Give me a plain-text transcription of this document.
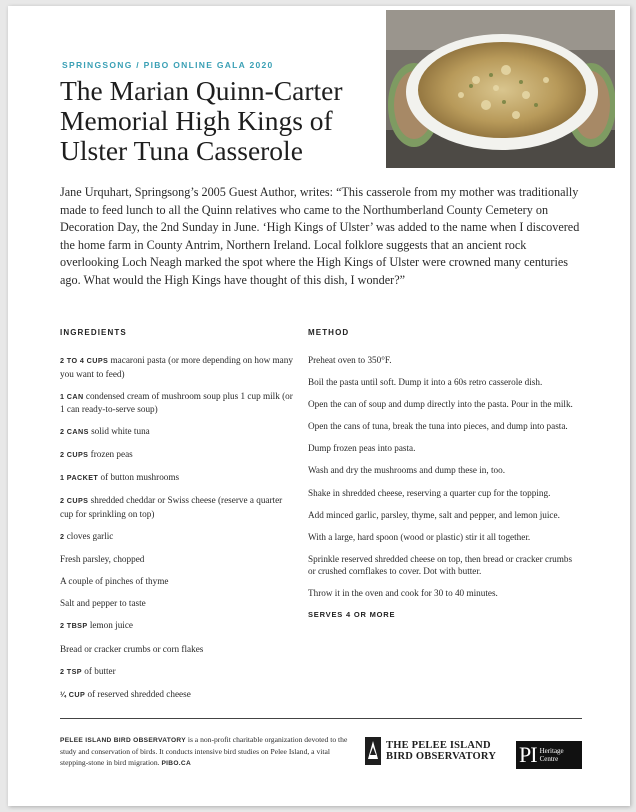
SPRINGSONG / PIBO ONLINE GALA 2020
The Marian Quinn-Carter Memorial High Kings of Ulster Tuna Casserole
Jane Urquhart, Springsong’s 2005 Guest Author, writes: “This casserole from my mother was traditionally made to feed lunch to all the Quinn relatives who came to the Northumberland County Cemetery on Decoration Day, the 2nd Sunday in June. ‘High Kings of Ulster’ was added to the name when I discovered the home farm in County Antrim, Northern Ireland. Local folklore suggests that an ancient rock overlooking Loch Neagh marked the spot where the High Kings of Ulster were crowned many centuries ago. What would the High Kings have thought of this dish, I wonder?”
INGREDIENTS	METHOD
2 TO 4 CUPS macaroni pasta (or more depending on how many you want to feed)
1 CAN condensed cream of mushroom soup plus 1 cup milk (or 1 can ready-to-serve soup)
2 CANS solid white tuna
2 CUPS frozen peas
1 PACKET of button mushrooms
2 CUPS shredded cheddar or Swiss cheese (reserve a quarter cup for sprinkling on top)
2 cloves garlic
Fresh parsley, chopped
A couple of pinches of thyme
Salt and pepper to taste
2 TBSP lemon juice
Bread or cracker crumbs or corn flakes
2 TSP of butter
¼ CUP of reserved shredded cheese
Preheat oven to 350°F.
Boil the pasta until soft. Dump it into a 60s retro casserole dish.
Open the can of soup and dump directly into the pasta. Pour in the milk.
Open the cans of tuna, break the tuna into pieces, and dump into pasta.
Dump frozen peas into pasta.
Wash and dry the mushrooms and dump these in, too.
Shake in shredded cheese, reserving a quarter cup for the topping.
Add minced garlic, parsley, thyme, salt and pepper, and lemon juice.
With a large, hard spoon (wood or plastic) stir it all together.
Sprinkle reserved shredded cheese on top, then bread or cracker crumbs or crushed cornflakes to cover. Dot with butter.
Throw it in the oven and cook for 30 to 40 minutes.
SERVES 4 OR MORE
PELEE ISLAND BIRD OBSERVATORY is a non-profit charitable organization devoted to the study and conservation of birds. It conducts intensive bird studies on Pelee Island, a vital stepping-stone in bird migration. PIBO.CA
THE PELEE ISLAND
BIRD OBSERVATORY PI Heritage
Centre
